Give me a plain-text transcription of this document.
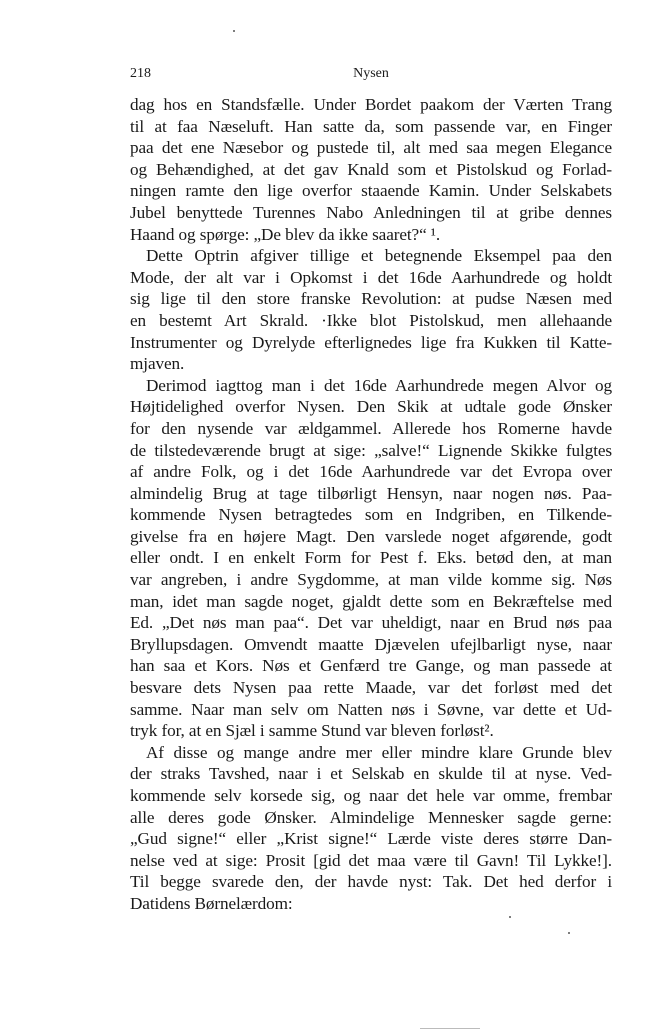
218	Nysen
dag hos en Standsfælle. Under Bordet paakom der Værten Trang
til at faa Næseluft. Han satte da, som passende var, en Finger
paa det ene Næsebor og pustede til, alt med saa megen Elegance
og Behændighed, at det gav Knald som et Pistolskud og Forlad-
ningen ramte den lige overfor staaende Kamin. Under Selskabets
Jubel benyttede Turennes Nabo Anledningen til at gribe dennes
Haand og spørge: „De blev da ikke saaret?“ ¹.
Dette Optrin afgiver tillige et betegnende Eksempel paa den
Mode, der alt var i Opkomst i det 16de Aarhundrede og holdt
sig lige til den store franske Revolution: at pudse Næsen med
en bestemt Art Skrald. ·Ikke blot Pistolskud, men allehaande
Instrumenter og Dyrelyde efterlignedes lige fra Kukken til Katte-
mjaven.
Derimod iagttog man i det 16de Aarhundrede megen Alvor og
Højtidelighed overfor Nysen. Den Skik at udtale gode Ønsker
for den nysende var ældgammel. Allerede hos Romerne havde
de tilstedeværende brugt at sige: „salve!“ Lignende Skikke fulgtes
af andre Folk, og i det 16de Aarhundrede var det Evropa over
almindelig Brug at tage tilbørligt Hensyn, naar nogen nøs. Paa-
kommende Nysen betragtedes som en Indgriben, en Tilkende-
givelse fra en højere Magt. Den varslede noget afgørende, godt
eller ondt. I en enkelt Form for Pest f. Eks. betød den, at man
var angreben, i andre Sygdomme, at man vilde komme sig. Nøs
man, idet man sagde noget, gjaldt dette som en Bekræftelse med
Ed. „Det nøs man paa“. Det var uheldigt, naar en Brud nøs paa
Bryllupsdagen. Omvendt maatte Djævelen ufejlbarligt nyse, naar
han saa et Kors. Nøs et Genfærd tre Gange, og man passede at
besvare dets Nysen paa rette Maade, var det forløst med det
samme. Naar man selv om Natten nøs i Søvne, var dette et Ud-
tryk for, at en Sjæl i samme Stund var bleven forløst².
Af disse og mange andre mer eller mindre klare Grunde blev
der straks Tavshed, naar i et Selskab en skulde til at nyse. Ved-
kommende selv korsede sig, og naar det hele var omme, frembar
alle deres gode Ønsker. Almindelige Mennesker sagde gerne:
„Gud signe!“ eller „Krist signe!“ Lærde viste deres større Dan-
nelse ved at sige: Prosit [gid det maa være til Gavn! Til Lykke!].
Til begge svarede den, der havde nyst: Tak. Det hed derfor i
Datidens Børnelærdom:
